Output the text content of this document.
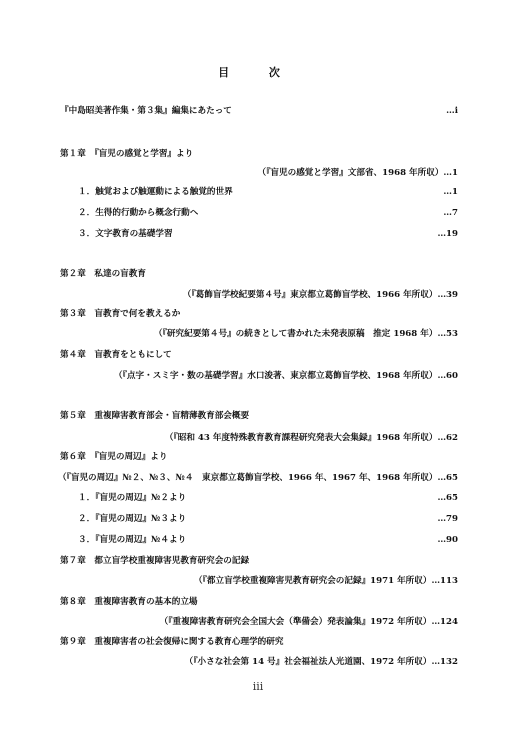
目 次
『中島昭美著作集・第３集』編集にあたって	…ⅰ
第１章　『盲児の感覚と学習』より
（『盲児の感覚と学習』文部省、1968 年所収）…1
１．触覚および触運動による触覚的世界	…1
２．生得的行動から概念行動へ	…7
３．文字教育の基礎学習	…19
第２章　私達の盲教育
（『葛飾盲学校紀要第４号』東京都立葛飾盲学校、1966 年所収）…39
第３章　盲教育で何を教えるか
（『研究紀要第４号』の続きとして書かれた未発表原稿　推定 1968 年）…53
第４章　盲教育をともにして
（『点字・スミ字・数の基礎学習』水口浚著、東京都立葛飾盲学校、1968 年所収）…60
第５章　重複障害教育部会・盲精薄教育部会概要
（『昭和 43 年度特殊教育教育課程研究発表大会集録』1968 年所収）…62
第６章　『盲児の周辺』より
（『盲児の周辺』№２、№３、№４　東京都立葛飾盲学校、1966 年、1967 年、1968 年所収）…65
１．『盲児の周辺』№２より	…65
２．『盲児の周辺』№３より	…79
３．『盲児の周辺』№４より	…90
第７章　都立盲学校重複障害児教育研究会の記録
（『都立盲学校重複障害児教育研究会の記録』1971 年所収）…113
第８章　重複障害教育の基本的立場
（『重複障害教育研究会全国大会（準備会）発表論集』1972 年所収）…124
第９章　重複障害者の社会復帰に関する教育心理学的研究
（『小さな社会第 14 号』社会福祉法人光道園、1972 年所収）…132
iii
